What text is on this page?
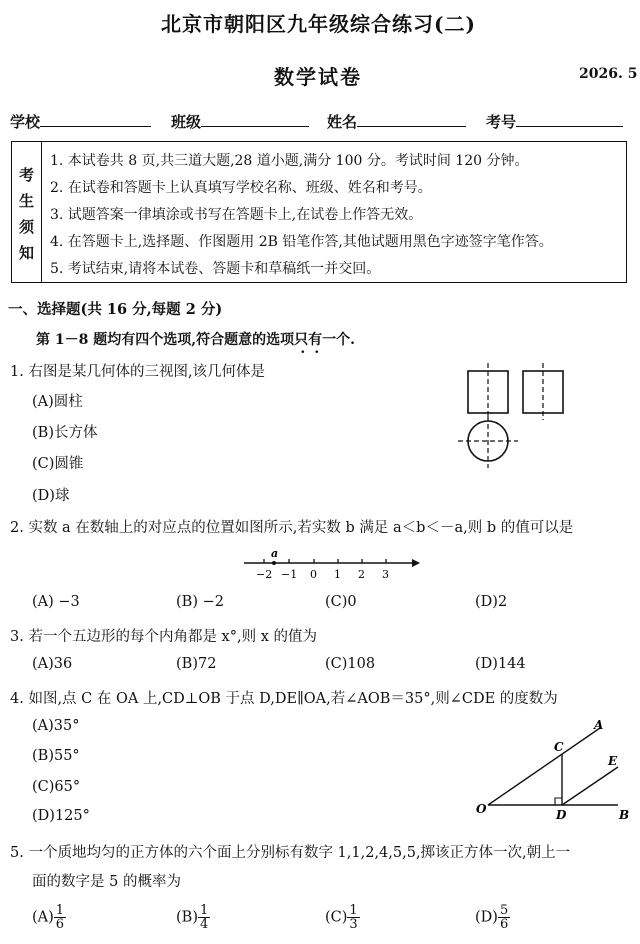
北京市朝阳区九年级综合练习(二)
数学试卷	2026. 5
学校	班级	姓名	考号
考
生
须
知
1. 本试卷共 8 页,共三道大题,28 道小题,满分 100 分。考试时间 120 分钟。
2. 在试卷和答题卡上认真填写学校名称、班级、姓名和考号。
3. 试题答案一律填涂或书写在答题卡上,在试卷上作答无效。
4. 在答题卡上,选择题、作图题用 2B 铅笔作答,其他试题用黑色字迹签字笔作答。
5. 考试结束,请将本试卷、答题卡和草稿纸一并交回。
一、选择题(共 16 分,每题 2 分)
第 1－8 题均有四个选项,符合题意的选项只有一个.
1. 右图是某几何体的三视图,该几何体是
(A)圆柱
(B)长方体
(C)圆锥
(D)球
2. 实数 a 在数轴上的对应点的位置如图所示,若实数 b 满足 a＜b＜－a,则 b 的值可以是
a
−2 −1 0 1 2 3
(A) −3	(B) −2	(C)0	(D)2
3. 若一个五边形的每个内角都是 x°,则 x 的值为
(A)36	(B)72	(C)108	(D)144
4. 如图,点 C 在 OA 上,CD⊥OB 于点 D,DE∥OA,若∠AOB＝35°,则∠CDE 的度数为
(A)35°
(B)55°
(C)65°
(D)125°	O
A
B
C
D
E
5. 一个质地均匀的正方体的六个面上分别标有数字 1,1,2,4,5,5,掷该正方体一次,朝上一
面的数字是 5 的概率为
$(A) \frac{1}{6}$	$(B) \frac{1}{4}$	$(C) \frac{1}{3}$	$(D) \frac{5}{6}$
